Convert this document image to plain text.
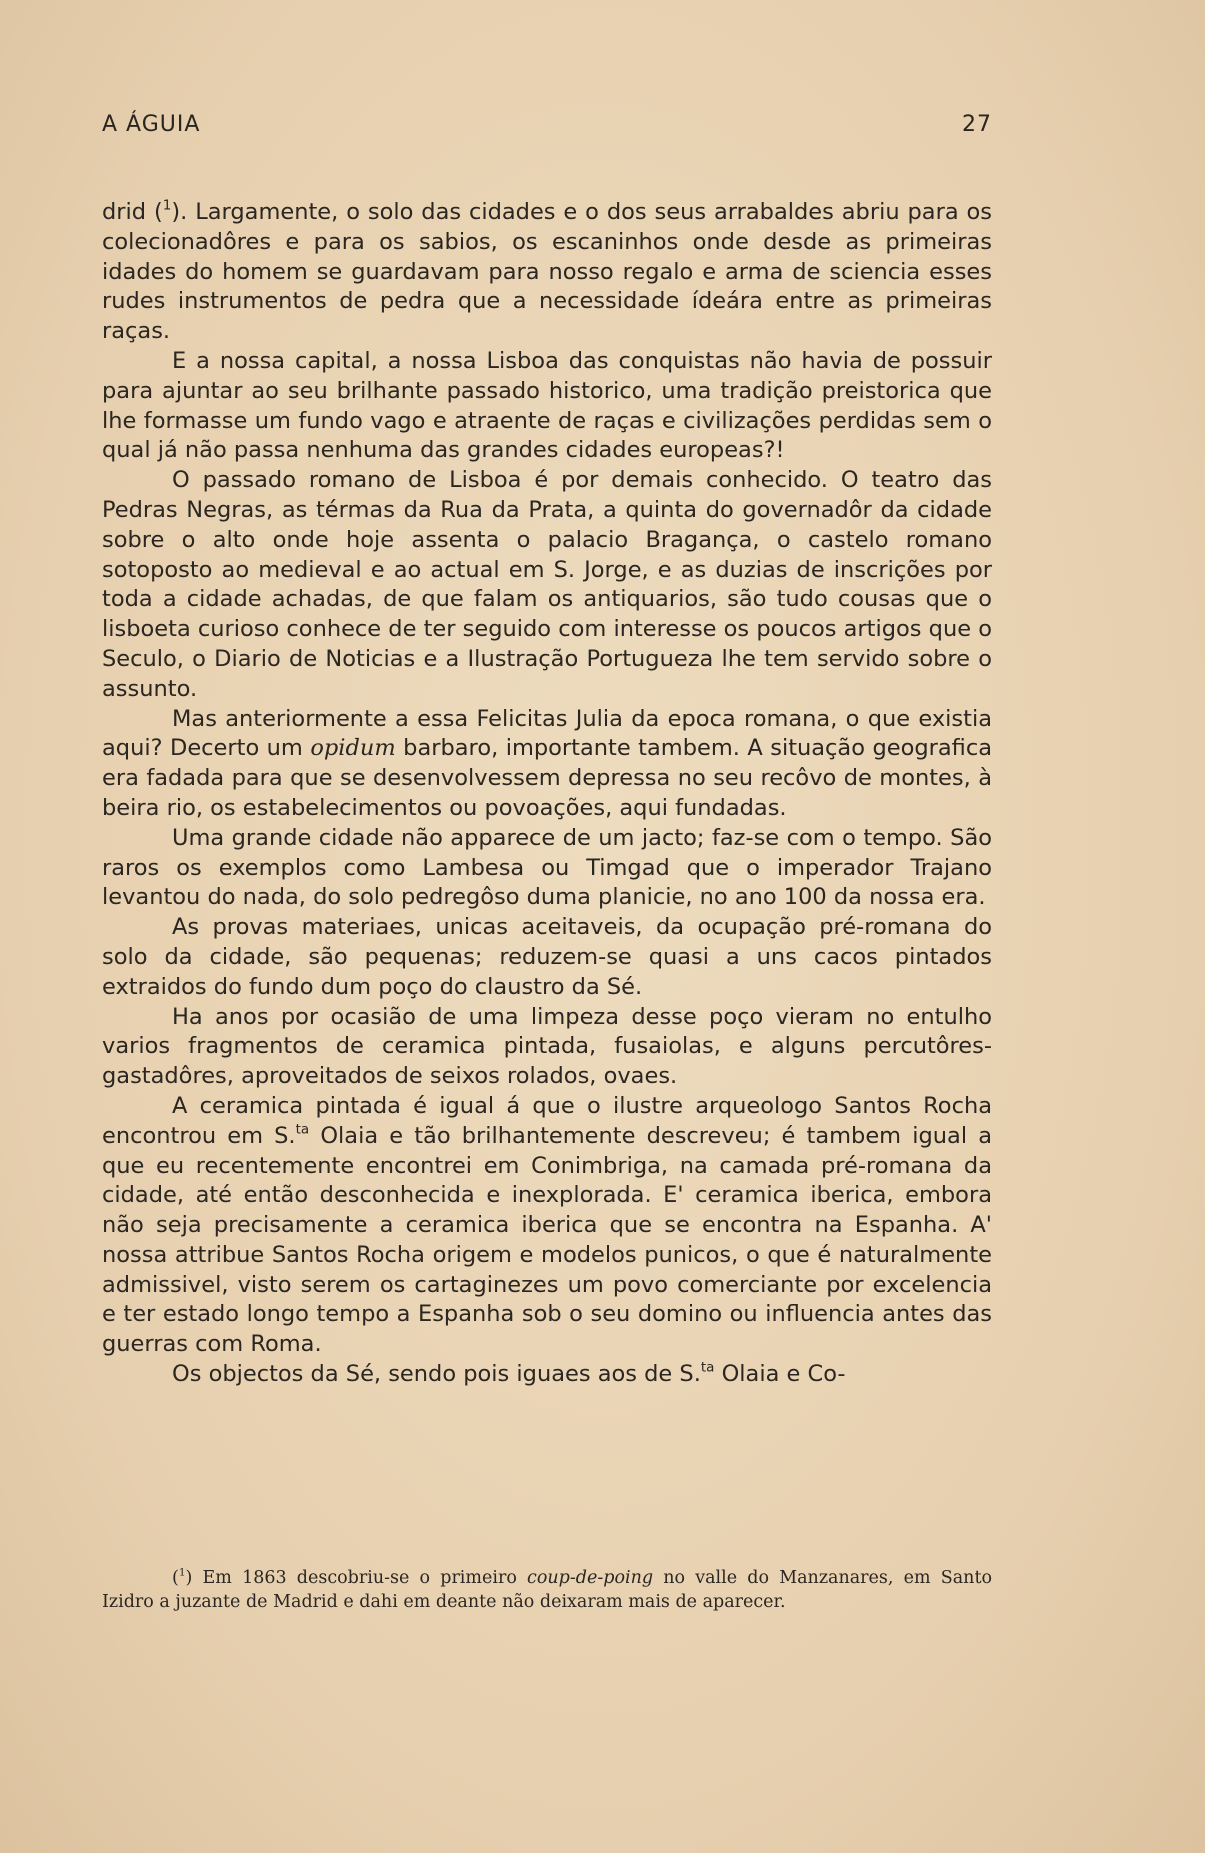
A ÁGUIA	27

drid ($^1$). Largamente, o solo das cidades e o dos seus arrabaldes abriu para os colecionadôres e para os sabios, os escaninhos onde desde as primeiras idades do homem se guardavam para nosso regalo e arma de sciencia esses rudes instrumentos de pedra que a necessidade ídeára entre as primeiras raças.

E a nossa capital, a nossa Lisboa das conquistas não havia de possuir para ajuntar ao seu brilhante passado historico, uma tradição preistorica que lhe formasse um fundo vago e atraente de raças e civilizações perdidas sem o qual já não passa nenhuma das grandes cidades europeas?!

O passado romano de Lisboa é por demais conhecido. O teatro das Pedras Negras, as térmas da Rua da Prata, a quinta do governadôr da cidade sobre o alto onde hoje assenta o palacio Bragança, o castelo romano sotoposto ao medieval e ao actual em S. Jorge, e as duzias de inscrições por toda a cidade achadas, de que falam os antiquarios, são tudo cousas que o lisboeta curioso conhece de ter seguido com interesse os poucos artigos que o Seculo, o Diario de Noticias e a Ilustração Portugueza lhe tem servido sobre o assunto.

Mas anteriormente a essa Felicitas Julia da epoca romana, o que existia aqui? Decerto um opidum barbaro, importante tambem. A situação geografica era fadada para que se desenvolvessem depressa no seu recôvo de montes, à beira rio, os estabelecimentos ou povoações, aqui fundadas.

Uma grande cidade não apparece de um jacto; faz-se com o tempo. São raros os exemplos como Lambesa ou Timgad que o imperador Trajano levantou do nada, do solo pedregôso duma planicie, no ano 100 da nossa era.

As provas materiaes, unicas aceitaveis, da ocupação pré-romana do solo da cidade, são pequenas; reduzem-se quasi a uns cacos pintados extraidos do fundo dum poço do claustro da Sé.

Ha anos por ocasião de uma limpeza desse poço vieram no entulho varios fragmentos de ceramica pintada, fusaiolas, e alguns percutôres-gastadôres, aproveitados de seixos rolados, ovaes.

A ceramica pintada é igual á que o ilustre arqueologo Santos Rocha encontrou em S.$^{ta}$ Olaia e tão brilhantemente descreveu; é tambem igual a que eu recentemente encontrei em Conimbriga, na camada pré-romana da cidade, até então desconhecida e inexplorada. E' ceramica iberica, embora não seja precisamente a ceramica iberica que se encontra na Espanha. A' nossa attribue Santos Rocha origem e modelos punicos, o que é naturalmente admissivel, visto serem os cartaginezes um povo comerciante por excelencia e ter estado longo tempo a Espanha sob o seu domino ou influencia antes das guerras com Roma.

Os objectos da Sé, sendo pois iguaes aos de S.$^{ta}$ Olaia e Co-

($^1$) Em 1863 descobriu-se o primeiro coup-de-poing no valle do Manzanares, em Santo Izidro a juzante de Madrid e dahi em deante não deixaram mais de aparecer.
